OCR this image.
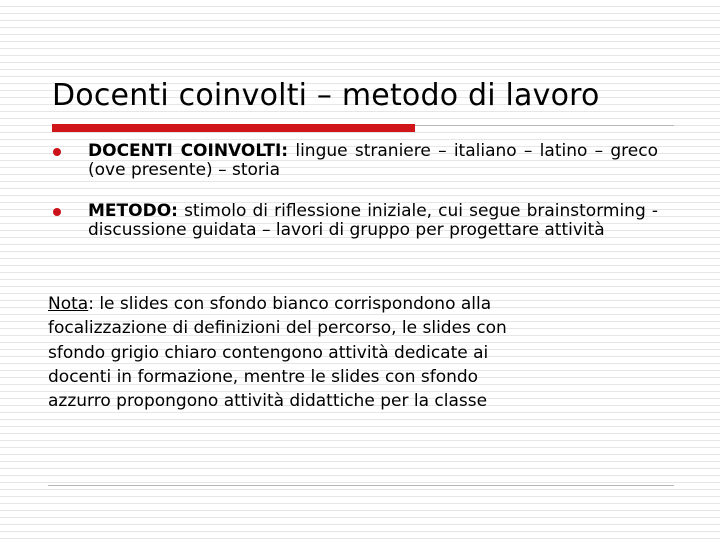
Docenti coinvolti – metodo di lavoro
DOCENTI COINVOLTI: lingue straniere – italiano – latino – greco (ove presente) – storia
METODO: stimolo di riflessione iniziale, cui segue brainstorming - discussione guidata – lavori di gruppo per progettare attività
Nota: le slides con sfondo bianco corrispondono alla focalizzazione di definizioni del percorso, le slides con sfondo grigio chiaro contengono attività dedicate ai docenti in formazione, mentre le slides con sfondo azzurro propongono attività didattiche per la classe
